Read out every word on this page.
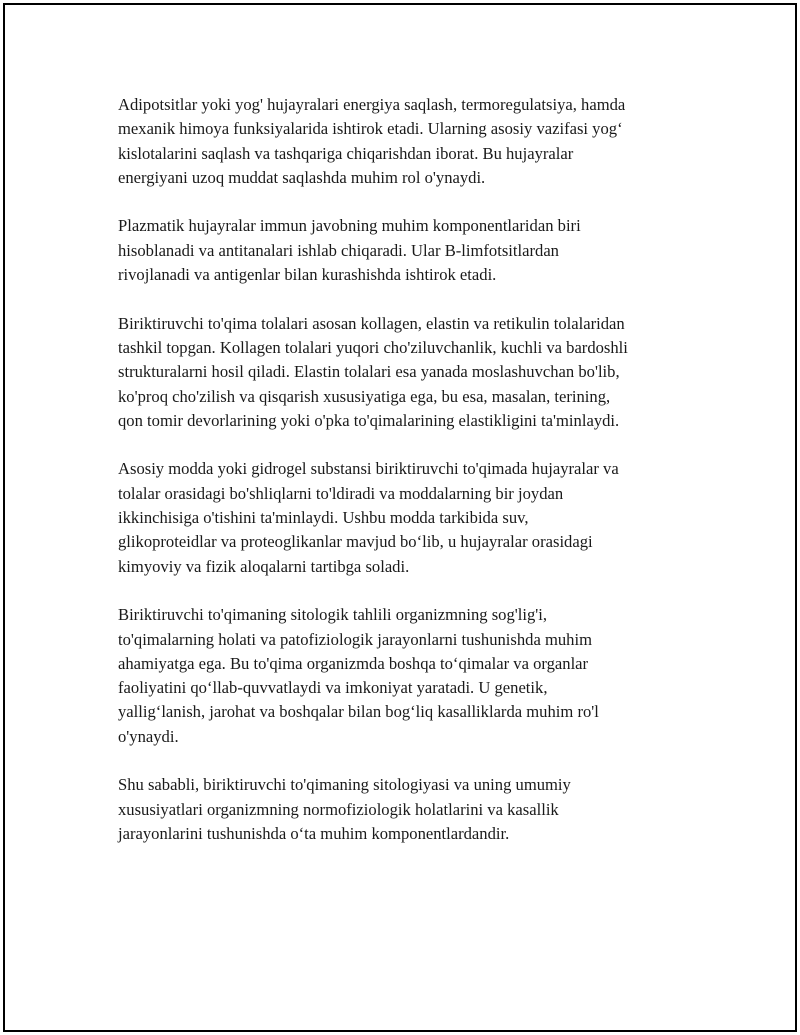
Adipotsitlar yoki yog' hujayralari energiya saqlash, termoregulatsiya, hamda
mexanik himoya funksiyalarida ishtirok etadi. Ularning asosiy vazifasi yog‘
kislotalarini saqlash va tashqariga chiqarishdan iborat. Bu hujayralar
energiyani uzoq muddat saqlashda muhim rol o'ynaydi.

Plazmatik hujayralar immun javobning muhim komponentlaridan biri
hisoblanadi va antitanalari ishlab chiqaradi. Ular B-limfotsitlardan
rivojlanadi va antigenlar bilan kurashishda ishtirok etadi.

Biriktiruvchi to'qima tolalari asosan kollagen, elastin va retikulin tolalaridan
tashkil topgan. Kollagen tolalari yuqori cho'ziluvchanlik, kuchli va bardoshli
strukturalarni hosil qiladi. Elastin tolalari esa yanada moslashuvchan bo'lib,
ko'proq cho'zilish va qisqarish xususiyatiga ega, bu esa, masalan, terining,
qon tomir devorlarining yoki o'pka to'qimalarining elastikligini ta'minlaydi.

Asosiy modda yoki gidrogel substansi biriktiruvchi to'qimada hujayralar va
tolalar orasidagi bo'shliqlarni to'ldiradi va moddalarning bir joydan
ikkinchisiga o'tishini ta'minlaydi. Ushbu modda tarkibida suv,
glikoproteidlar va proteoglikanlar mavjud bo‘lib, u hujayralar orasidagi
kimyoviy va fizik aloqalarni tartibga soladi.

Biriktiruvchi to'qimaning sitologik tahlili organizmning sog'lig'i,
to'qimalarning holati va patofiziologik jarayonlarni tushunishda muhim
ahamiyatga ega. Bu to'qima organizmda boshqa to‘qimalar va organlar
faoliyatini qo‘llab-quvvatlaydi va imkoniyat yaratadi. U genetik,
yallig‘lanish, jarohat va boshqalar bilan bog‘liq kasalliklarda muhim ro'l
o'ynaydi.

Shu sababli, biriktiruvchi to'qimaning sitologiyasi va uning umumiy
xususiyatlari organizmning normofiziologik holatlarini va kasallik
jarayonlarini tushunishda o‘ta muhim komponentlardandir.
